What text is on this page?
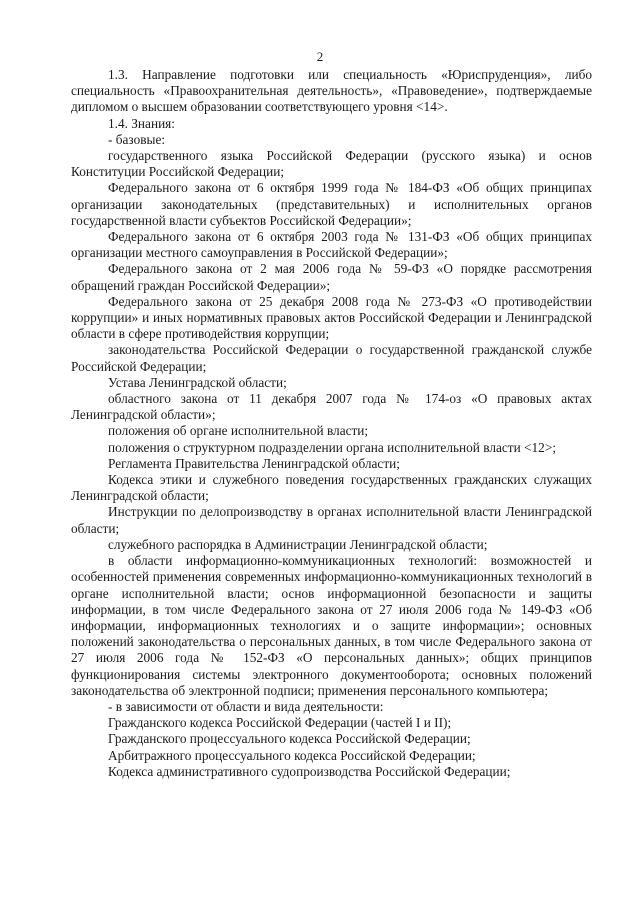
2

1.3. Направление подготовки или специальность «Юриспруденция», либо специальность «Правоохранительная деятельность», «Правоведение», подтверждаемые дипломом о высшем образовании соответствующего уровня <14>.

1.4. Знания:

- базовые:

государственного языка Российской Федерации (русского языка) и основ Конституции Российской Федерации;

Федерального закона от 6 октября 1999 года № 184-ФЗ «Об общих принципах организации законодательных (представительных) и исполнительных органов государственной власти субъектов Российской Федерации»;

Федерального закона от 6 октября 2003 года № 131-ФЗ «Об общих принципах организации местного самоуправления в Российской Федерации»;

Федерального закона от 2 мая 2006 года № 59-ФЗ «О порядке рассмотрения обращений граждан Российской Федерации»;

Федерального закона от 25 декабря 2008 года № 273-ФЗ «О противодействии коррупции» и иных нормативных правовых актов Российской Федерации и Ленинградской области в сфере противодействия коррупции;

законодательства Российской Федерации о государственной гражданской службе Российской Федерации;

Устава Ленинградской области;

областного закона от 11 декабря 2007 года № 174-оз «О правовых актах Ленинградской области»;

положения об органе исполнительной власти;

положения о структурном подразделении органа исполнительной власти <12>;

Регламента Правительства Ленинградской области;

Кодекса этики и служебного поведения государственных гражданских служащих Ленинградской области;

Инструкции по делопроизводству в органах исполнительной власти Ленинградской области;

служебного распорядка в Администрации Ленинградской области;

в области информационно-коммуникационных технологий: возможностей и особенностей применения современных информационно-коммуникационных технологий в органе исполнительной власти; основ информационной безопасности и защиты информации, в том числе Федерального закона от 27 июля 2006 года № 149-ФЗ «Об информации, информационных технологиях и о защите информации»; основных положений законодательства о персональных данных, в том числе Федерального закона от 27 июля 2006 года № 152-ФЗ «О персональных данных»; общих принципов функционирования системы электронного документооборота; основных положений законодательства об электронной подписи; применения персонального компьютера;

- в зависимости от области и вида деятельности:

Гражданского кодекса Российской Федерации (частей I и II);

Гражданского процессуального кодекса Российской Федерации;

Арбитражного процессуального кодекса Российской Федерации;

Кодекса административного судопроизводства Российской Федерации;
